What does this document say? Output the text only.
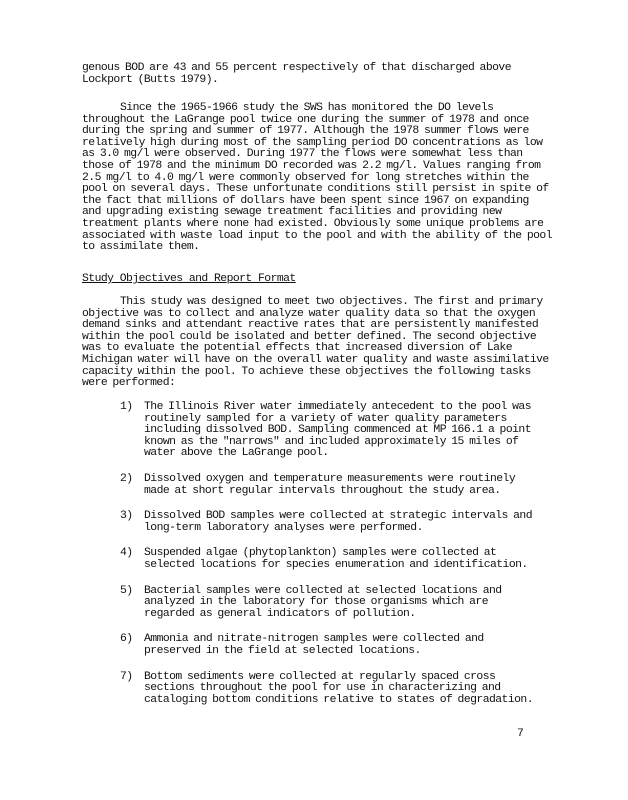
genous BOD are 43 and 55 percent respectively of that discharged above
Lockport (Butts 1979).
Since the 1965-1966 study the SWS has monitored the DO levels throughout the LaGrange pool twice one during the summer of 1978 and once during the spring and summer of 1977. Although the 1978 summer flows were relatively high during most of the sampling period DO concentrations as low as 3.0 mg/l were observed. During 1977 the flows were somewhat less than those of 1978 and the minimum DO recorded was 2.2 mg/l. Values ranging from 2.5 mg/l to 4.0 mg/l were commonly observed for long stretches within the pool on several days. These unfortunate conditions still persist in spite of the fact that millions of dollars have been spent since 1967 on expanding and upgrading existing sewage treatment facilities and providing new treatment plants where none had existed. Obviously some unique problems are associated with waste load input to the pool and with the ability of the pool to assimilate them.
Study Objectives and Report Format
This study was designed to meet two objectives. The first and primary objective was to collect and analyze water quality data so that the oxygen demand sinks and attendant reactive rates that are persistently manifested within the pool could be isolated and better defined. The second objective was to evaluate the potential effects that increased diversion of Lake Michigan water will have on the overall water quality and waste assimilative capacity within the pool. To achieve these objectives the following tasks were performed:
1)	The Illinois River water immediately antecedent to the pool was routinely sampled for a variety of water quality parameters including dissolved BOD. Sampling commenced at MP 166.1 a point known as the "narrows" and included approximately 15 miles of water above the LaGrange pool.
2)	Dissolved oxygen and temperature measurements were routinely made at short regular intervals throughout the study area.
3)	Dissolved BOD samples were collected at strategic intervals and long-term laboratory analyses were performed.
4)	Suspended algae (phytoplankton) samples were collected at selected locations for species enumeration and identification.
5)	Bacterial samples were collected at selected locations and analyzed in the laboratory for those organisms which are regarded as general indicators of pollution.
6)	Ammonia and nitrate-nitrogen samples were collected and preserved in the field at selected locations.
7)	Bottom sediments were collected at regularly spaced cross sections throughout the pool for use in characterizing and cataloging bottom conditions relative to states of degradation.
7
